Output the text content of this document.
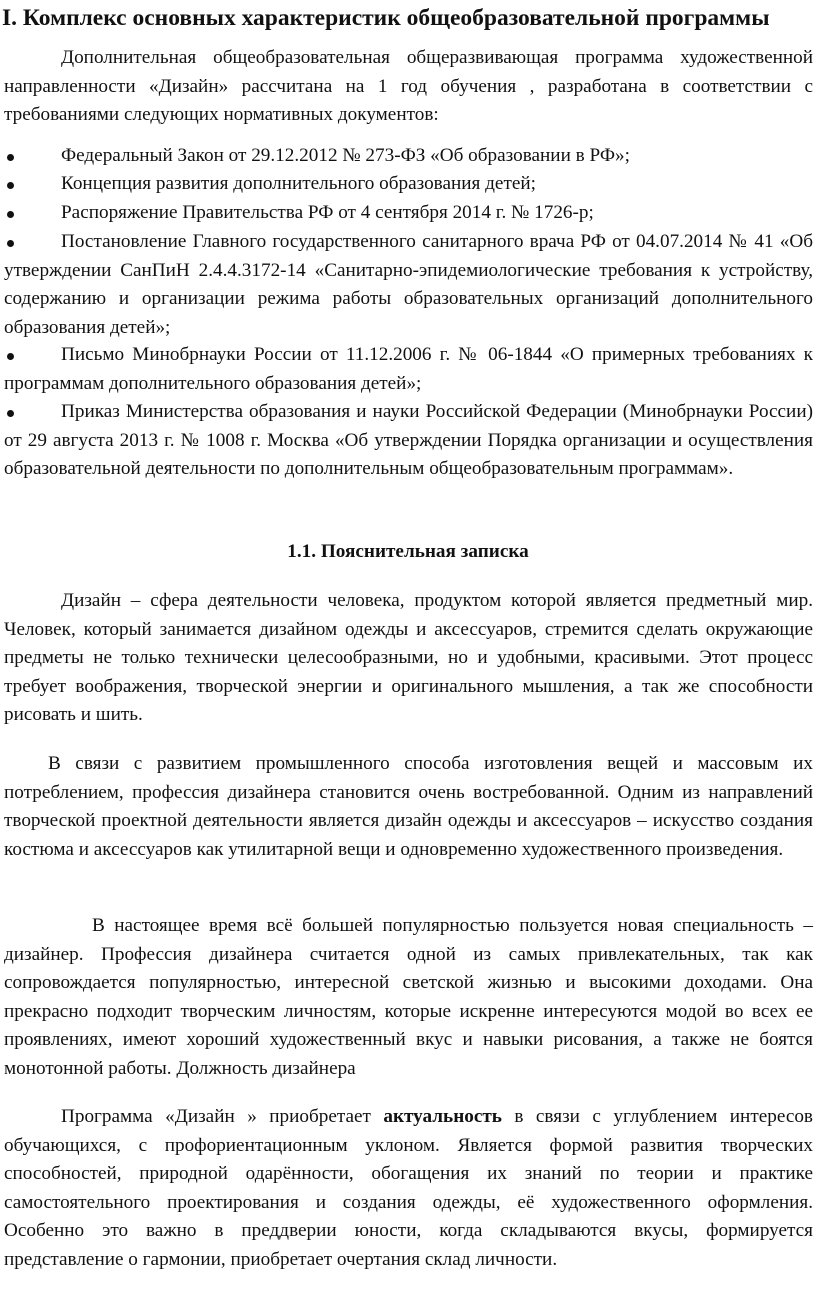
I. Комплекс основных характеристик общеобразовательной программы

Дополнительная общеобразовательная общеразвивающая программа художественной направленности «Дизайн» рассчитана на 1 год обучения , разработана в соответствии с требованиями следующих нормативных документов:

Федеральный Закон от 29.12.2012 № 273-ФЗ «Об образовании в РФ»;

Концепция развития дополнительного образования детей;

Распоряжение Правительства РФ от 4 сентября 2014 г. № 1726-р;

Постановление Главного государственного санитарного врача РФ от 04.07.2014 № 41 «Об утверждении СанПиН 2.4.4.3172-14 «Санитарно-эпидемиологические требования к устройству, содержанию и организации режима работы образовательных организаций дополнительного образования детей»;

Письмо Минобрнауки России от 11.12.2006 г. № 06-1844 «О примерных требованиях к программам дополнительного образования детей»;

Приказ Министерства образования и науки Российской Федерации (Минобрнауки России) от 29 августа 2013 г. № 1008 г. Москва «Об утверждении Порядка организации и осуществления образовательной деятельности по дополнительным общеобразовательным программам».

1.1. Пояснительная записка

Дизайн – сфера деятельности человека, продуктом которой является предметный мир. Человек, который занимается дизайном одежды и аксессуаров, стремится сделать окружающие предметы не только технически целесообразными, но и удобными, красивыми. Этот процесс требует воображения, творческой энергии и оригинального мышления, а так же способности рисовать и шить.

В связи с развитием промышленного способа изготовления вещей и массовым их потреблением, профессия дизайнера становится очень востребованной. Одним из направлений творческой проектной деятельности является дизайн одежды и аксессуаров – искусство создания костюма и аксессуаров как утилитарной вещи и одновременно художественного произведения.

В настоящее время всё большей популярностью пользуется новая специальность – дизайнер. Профессия дизайнера считается одной из самых привлекательных, так как сопровождается популярностью, интересной светской жизнью и высокими доходами. Она прекрасно подходит творческим личностям, которые искренне интересуются модой во всех ее проявлениях, имеют хороший художественный вкус и навыки рисования, а также не боятся монотонной работы. Должность дизайнера

Программа «Дизайн » приобретает актуальность в связи с углублением интересов обучающихся, с профориентационным уклоном. Является формой развития творческих способностей, природной одарённости, обогащения их знаний по теории и практике самостоятельного проектирования и создания одежды, её художественного оформления. Особенно это важно в преддверии юности, когда складываются вкусы, формируется представление о гармонии, приобретает очертания склад личности.
